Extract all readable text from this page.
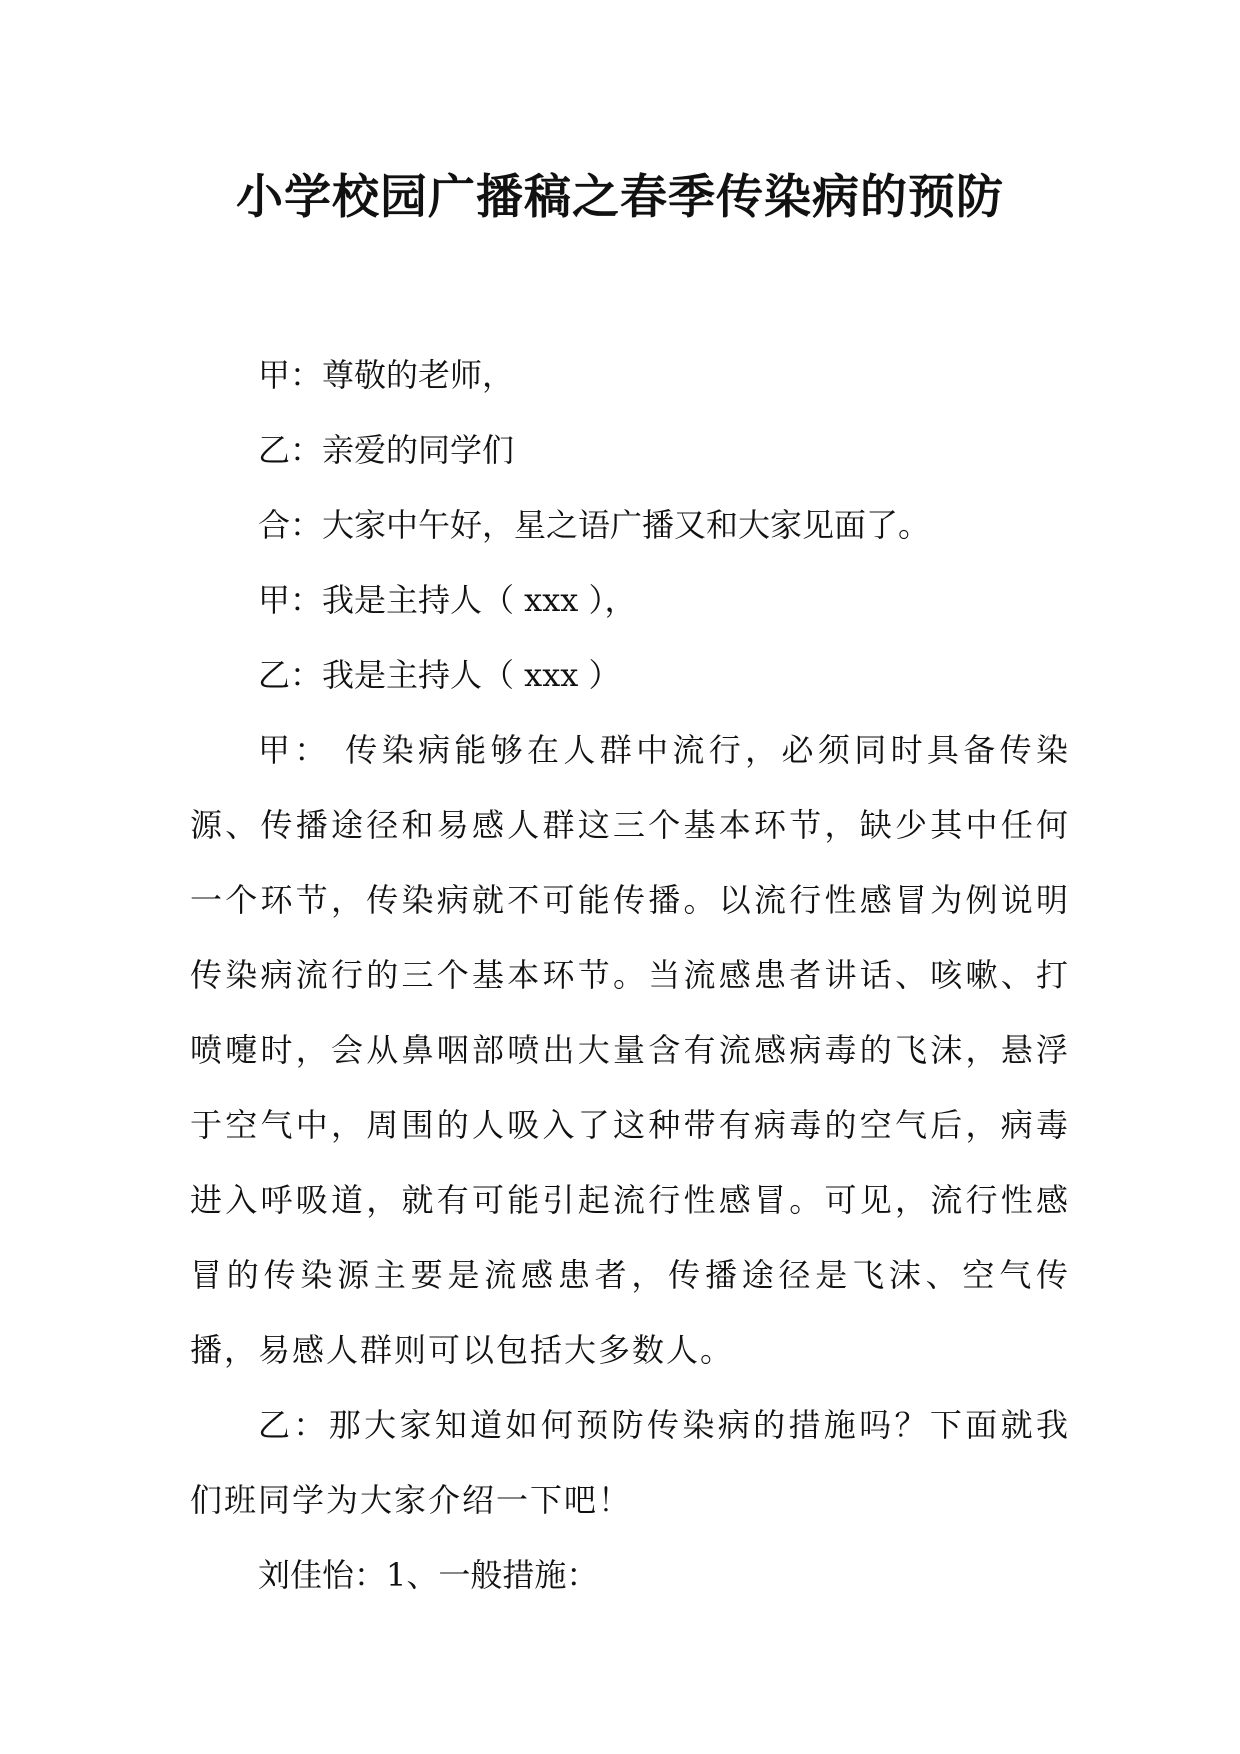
小学校园广播稿之春季传染病的预防

甲：尊敬的老师，

乙：亲爱的同学们

合：大家中午好，星之语广播又和大家见面了。

甲：我是主持人（ xxx ），

乙：我是主持人（ xxx ）

甲： 传染病能够在人群中流行，必须同时具备传染源、传播途径和易感人群这三个基本环节，缺少其中任何一个环节，传染病就不可能传播。以流行性感冒为例说明传染病流行的三个基本环节。当流感患者讲话、咳嗽、打喷嚏时，会从鼻咽部喷出大量含有流感病毒的飞沫，悬浮于空气中，周围的人吸入了这种带有病毒的空气后，病毒进入呼吸道，就有可能引起流行性感冒。可见，流行性感冒的传染源主要是流感患者，传播途径是飞沫、空气传播，易感人群则可以包括大多数人。

乙：那大家知道如何预防传染病的措施吗？下面就我们班同学为大家介绍一下吧！

刘佳怡：1、一般措施：
